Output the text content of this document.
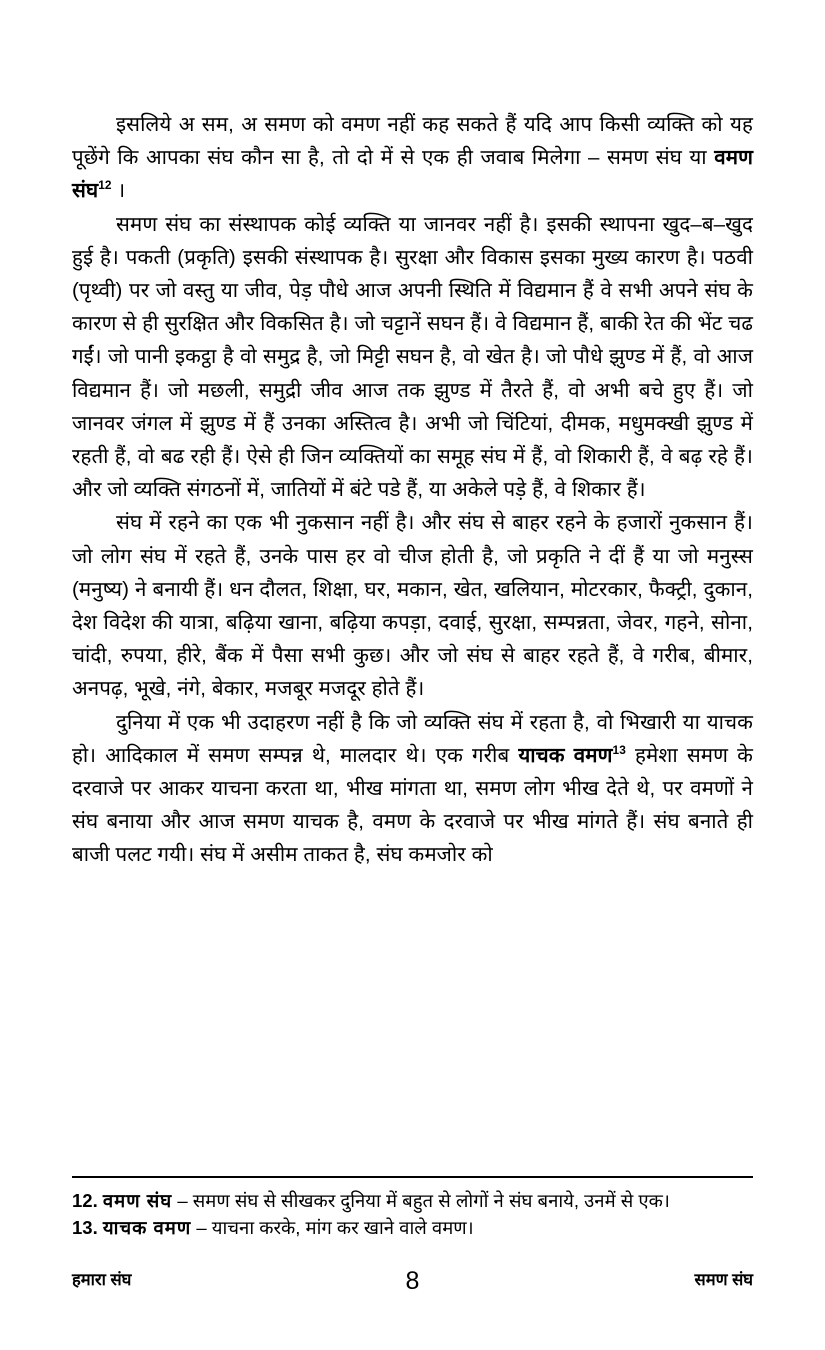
इसलिये अ सम, अ समण को वमण नहीं कह सकते हैं यदि आप किसी व्यक्ति को यह पूछेंगे कि आपका संघ कौन सा है, तो दो में से एक ही जवाब मिलेगा – समण संघ या वमण संघ$^{12}$ ।

समण संघ का संस्थापक कोई व्यक्ति या जानवर नहीं है। इसकी स्थापना खुद–ब–खुद हुई है। पकती (प्रकृति) इसकी संस्थापक है। सुरक्षा और विकास इसका मुख्य कारण है। पठवी (पृथ्वी) पर जो वस्तु या जीव, पेड़ पौधे आज अपनी स्थिति में विद्यमान हैं वे सभी अपने संघ के कारण से ही सुरक्षित और विकसित है। जो चट्टानें सघन हैं। वे विद्यमान हैं, बाकी रेत की भेंट चढ गईं। जो पानी इकट्ठा है वो समुद्र है, जो मिट्टी सघन है, वो खेत है। जो पौधे झुण्ड में हैं, वो आज विद्यमान हैं। जो मछली, समुद्री जीव आज तक झुण्ड में तैरते हैं, वो अभी बचे हुए हैं। जो जानवर जंगल में झुण्ड में हैं उनका अस्तित्व है। अभी जो चिंटियां, दीमक, मधुमक्खी झुण्ड में रहती हैं, वो बढ रही हैं। ऐसे ही जिन व्यक्तियों का समूह संघ में हैं, वो शिकारी हैं, वे बढ़ रहे हैं। और जो व्यक्ति संगठनों में, जातियों में बंटे पडे हैं, या अकेले पड़े हैं, वे शिकार हैं।

संघ में रहने का एक भी नुकसान नहीं है। और संघ से बाहर रहने के हजारों नुकसान हैं। जो लोग संघ में रहते हैं, उनके पास हर वो चीज होती है, जो प्रकृति ने दीं हैं या जो मनुस्स (मनुष्य) ने बनायी हैं। धन दौलत, शिक्षा, घर, मकान, खेत, खलियान, मोटरकार, फैक्ट्री, दुकान, देश विदेश की यात्रा, बढ़िया खाना, बढ़िया कपड़ा, दवाई, सुरक्षा, सम्पन्नता, जेवर, गहने, सोना, चांदी, रुपया, हीरे, बैंक में पैसा सभी कुछ। और जो संघ से बाहर रहते हैं, वे गरीब, बीमार, अनपढ़, भूखे, नंगे, बेकार, मजबूर मजदूर होते हैं।

दुनिया में एक भी उदाहरण नहीं है कि जो व्यक्ति संघ में रहता है, वो भिखारी या याचक हो। आदिकाल में समण सम्पन्न थे, मालदार थे। एक गरीब याचक वमण$^{13}$ हमेशा समण के दरवाजे पर आकर याचना करता था, भीख मांगता था, समण लोग भीख देते थे, पर वमणों ने संघ बनाया और आज समण याचक है, वमण के दरवाजे पर भीख मांगते हैं। संघ बनाते ही बाजी पलट गयी। संघ में असीम ताकत है, संघ कमजोर को

12. वमण संघ – समण संघ से सीखकर दुनिया में बहुत से लोगों ने संघ बनाये, उनमें से एक।

13. याचक वमण – याचना करके, मांग कर खाने वाले वमण।

हमारा संघ	8	समण संघ
